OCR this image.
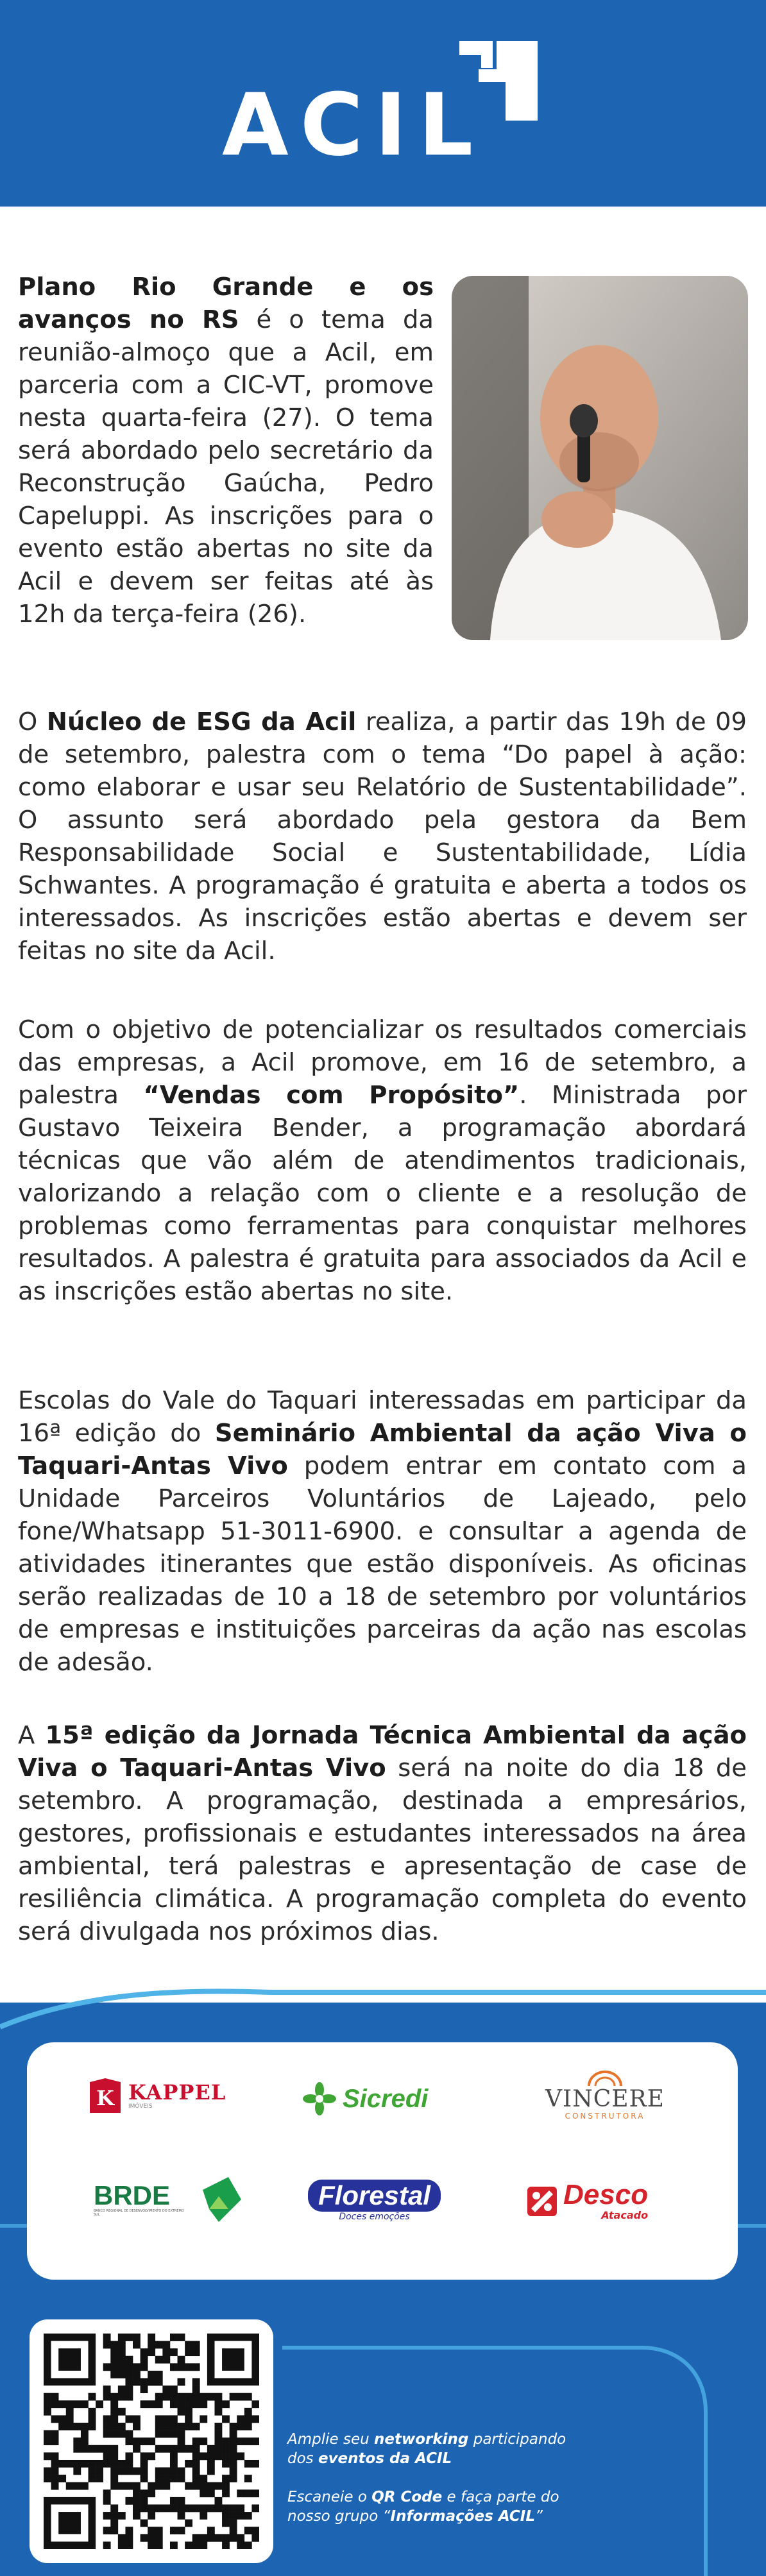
ACIL

Plano Rio Grande e os avanços no RS é o tema da reunião-almoço que a Acil, em parceria com a CIC-VT, promove nesta quarta-feira (27). O tema será abordado pelo secretário da Reconstrução Gaúcha, Pedro Capeluppi. As inscrições para o evento estão abertas no site da Acil e devem ser feitas até às 12h da terça-feira (26).

O Núcleo de ESG da Acil realiza, a partir das 19h de 09 de setembro, palestra com o tema “Do papel à ação: como elaborar e usar seu Relatório de Sustentabilidade”. O assunto será abordado pela gestora da Bem Responsabilidade Social e Sustentabilidade, Lídia Schwantes. A programação é gratuita e aberta a todos os interessados. As inscrições estão abertas e devem ser feitas no site da Acil.

Com o objetivo de potencializar os resultados comerciais das empresas, a Acil promove, em 16 de setembro, a palestra “Vendas com Propósito”. Ministrada por Gustavo Teixeira Bender, a programação abordará técnicas que vão além de atendimentos tradicionais, valorizando a relação com o cliente e a resolução de problemas como ferramentas para conquistar melhores resultados. A palestra é gratuita para associados da Acil e as inscrições estão abertas no site.

Escolas do Vale do Taquari interessadas em participar da 16ª edição do Seminário Ambiental da ação Viva o Taquari-Antas Vivo podem entrar em contato com a Unidade Parceiros Voluntários de Lajeado, pelo fone/Whatsapp 51-3011-6900. e consultar a agenda de atividades itinerantes que estão disponíveis. As oficinas serão realizadas de 10 a 18 de setembro por voluntários de empresas e instituições parceiras da ação nas escolas de adesão.

A 15ª edição da Jornada Técnica Ambiental da ação Viva o Taquari-Antas Vivo será na noite do dia 18 de setembro. A programação, destinada a empresários, gestores, profissionais e estudantes interessados na área ambiental, terá palestras e apresentação de case de resiliência climática. A programação completa do evento será divulgada nos próximos dias.

K KAPPEL
IMÓVEIS	Sicredi	VINCERE
CONSTRUTORA
BRDE
BANCO REGIONAL DE DESENVOLVIMENTO DO EXTREMO SUL
Florestal
Doces emoções
Desco
Atacado

Amplie seu networking participando
dos eventos da ACIL

Escaneie o QR Code e faça parte do
nosso grupo “Informações ACIL”
